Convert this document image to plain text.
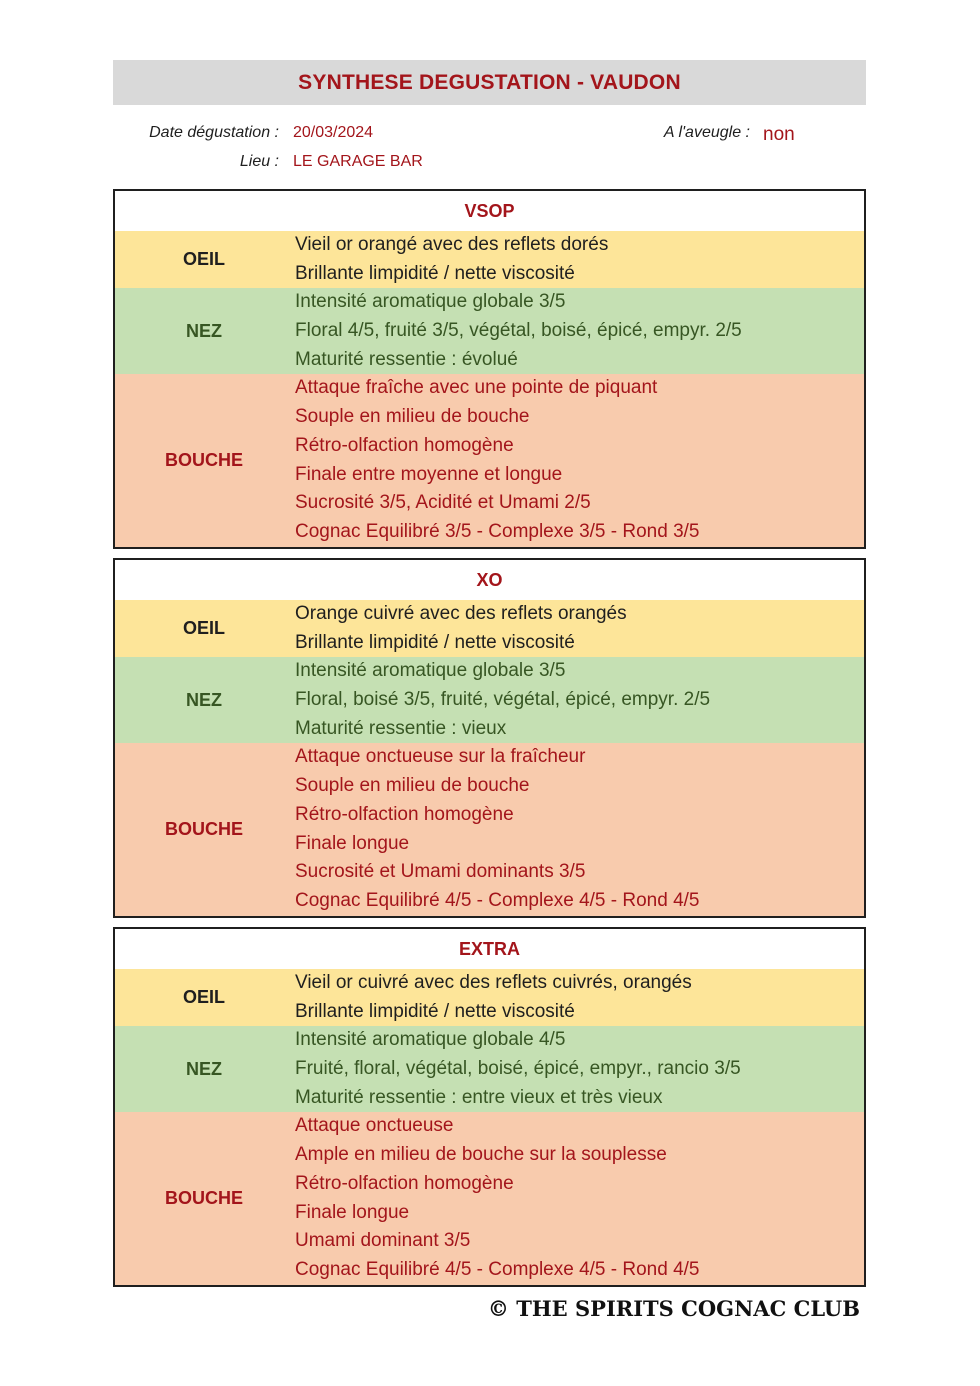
SYNTHESE DEGUSTATION - VAUDON
Date dégustation : 20/03/2024
Lieu : LE GARAGE BAR
A l'aveugle : non
VSOP
OEIL
Vieil or orangé avec des reflets dorés
Brillante limpidité / nette viscosité
NEZ
Intensité aromatique globale 3/5
Floral 4/5, fruité 3/5, végétal, boisé, épicé, empyr. 2/5
Maturité ressentie : évolué
BOUCHE
Attaque fraîche avec une pointe de piquant
Souple en milieu de bouche
Rétro-olfaction homogène
Finale entre moyenne et longue
Sucrosité 3/5, Acidité et Umami 2/5
Cognac Equilibré 3/5 - Complexe 3/5 - Rond 3/5
XO
OEIL
Orange cuivré avec des reflets orangés
Brillante limpidité / nette viscosité
NEZ
Intensité aromatique globale 3/5
Floral, boisé 3/5, fruité, végétal, épicé, empyr. 2/5
Maturité ressentie : vieux
BOUCHE
Attaque onctueuse sur la fraîcheur
Souple en milieu de bouche
Rétro-olfaction homogène
Finale longue
Sucrosité et Umami dominants 3/5
Cognac Equilibré 4/5 - Complexe 4/5 - Rond 4/5
EXTRA
OEIL
Vieil or cuivré avec des reflets cuivrés, orangés
Brillante limpidité / nette viscosité
NEZ
Intensité aromatique globale 4/5
Fruité, floral, végétal, boisé, épicé, empyr., rancio 3/5
Maturité ressentie : entre vieux et très vieux
BOUCHE
Attaque onctueuse
Ample en milieu de bouche sur la souplesse
Rétro-olfaction homogène
Finale longue
Umami dominant 3/5
Cognac Equilibré 4/5 - Complexe 4/5 - Rond 4/5
© THE SPIRITS COGNAC CLUB
